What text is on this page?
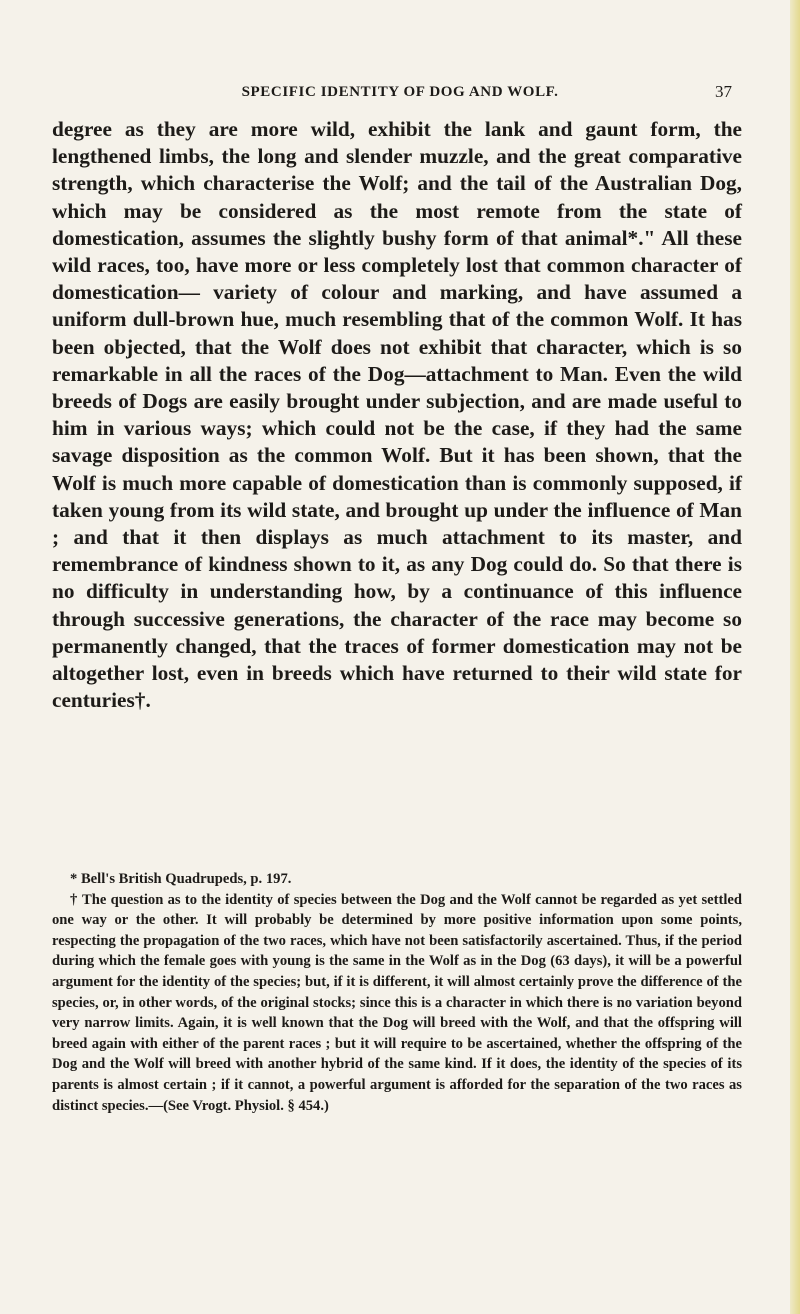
SPECIFIC IDENTITY OF DOG AND WOLF.	37

degree as they are more wild, exhibit the lank and gaunt form, the lengthened limbs, the long and slender muzzle, and the great comparative strength, which characterise the Wolf; and the tail of the Australian Dog, which may be considered as the most remote from the state of domestication, assumes the slightly bushy form of that animal*." All these wild races, too, have more or less completely lost that common character of domestication— variety of colour and marking, and have assumed a uniform dull-brown hue, much resembling that of the common Wolf. It has been objected, that the Wolf does not exhibit that character, which is so remarkable in all the races of the Dog—attachment to Man. Even the wild breeds of Dogs are easily brought under subjection, and are made useful to him in various ways; which could not be the case, if they had the same savage disposition as the common Wolf. But it has been shown, that the Wolf is much more capable of domestication than is commonly supposed, if taken young from its wild state, and brought up under the influence of Man ; and that it then displays as much attachment to its master, and remembrance of kindness shown to it, as any Dog could do. So that there is no difficulty in understanding how, by a continuance of this influence through successive generations, the character of the race may become so permanently changed, that the traces of former domestication may not be altogether lost, even in breeds which have returned to their wild state for centuries†.

* Bell's British Quadrupeds, p. 197.

† The question as to the identity of species between the Dog and the Wolf cannot be regarded as yet settled one way or the other. It will probably be determined by more positive information upon some points, respecting the propagation of the two races, which have not been satisfactorily ascertained. Thus, if the period during which the female goes with young is the same in the Wolf as in the Dog (63 days), it will be a powerful argument for the identity of the species; but, if it is different, it will almost certainly prove the difference of the species, or, in other words, of the original stocks; since this is a character in which there is no variation beyond very narrow limits. Again, it is well known that the Dog will breed with the Wolf, and that the offspring will breed again with either of the parent races ; but it will require to be ascertained, whether the offspring of the Dog and the Wolf will breed with another hybrid of the same kind. If it does, the identity of the species of its parents is almost certain ; if it cannot, a powerful argument is afforded for the separation of the two races as distinct species.—(See Vrogt. Physiol. § 454.)
